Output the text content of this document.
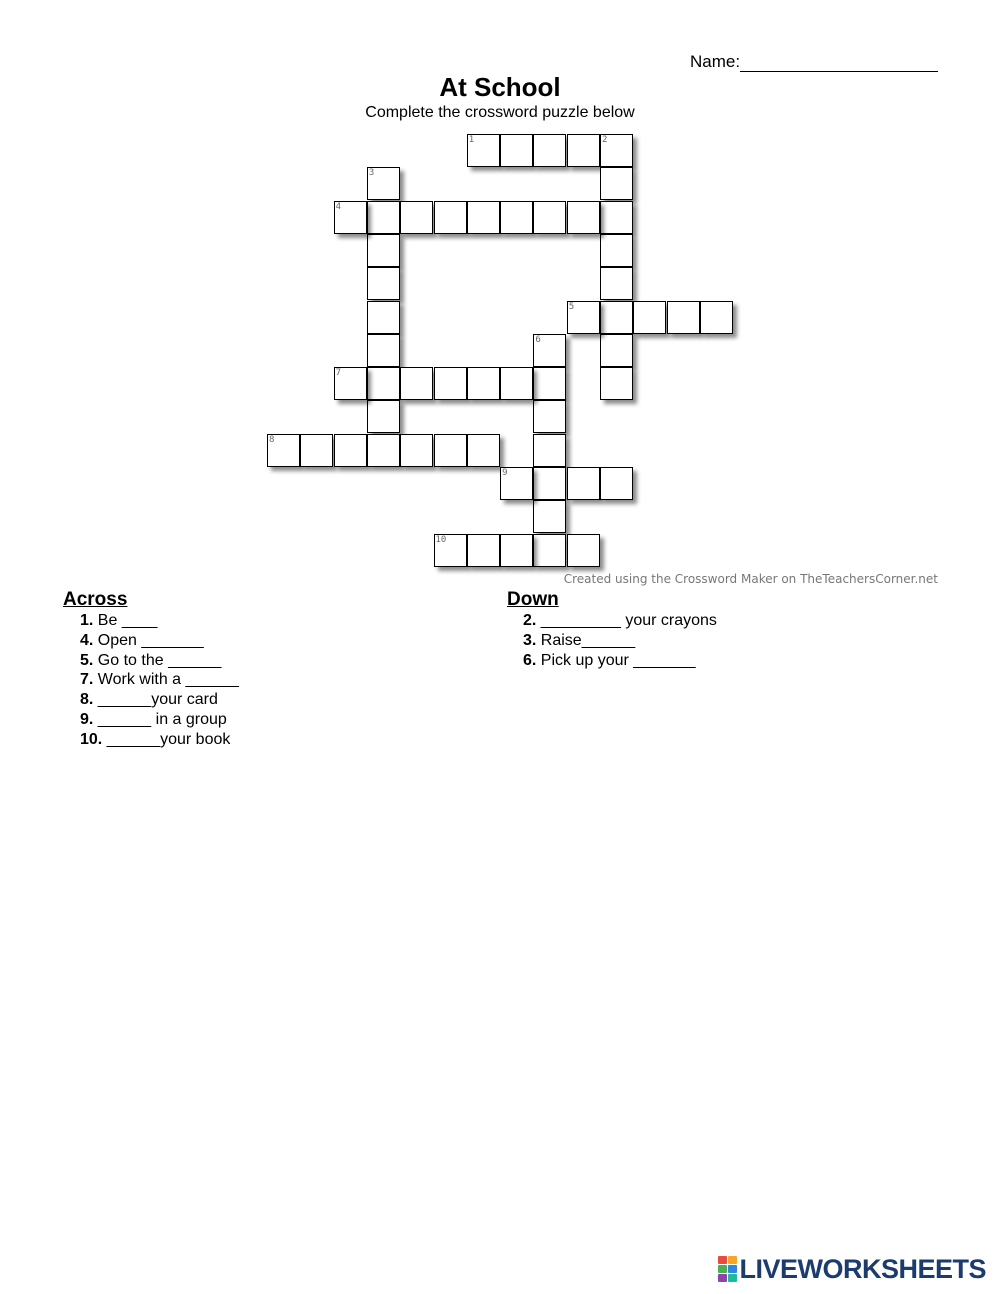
Name:
At School
Complete the crossword puzzle below
1	2
3
4
5
6
7
8
9
10
Created using the Crossword Maker on TheTeachersCorner.net
Across
1. Be ____
4. Open _______
5. Go to the ______
7. Work with a ______
8. ______your card
9. ______ in a group
10. ______your book
Down
2. _________ your crayons
3. Raise______
6. Pick up your _______
LIVEWORKSHEETS
